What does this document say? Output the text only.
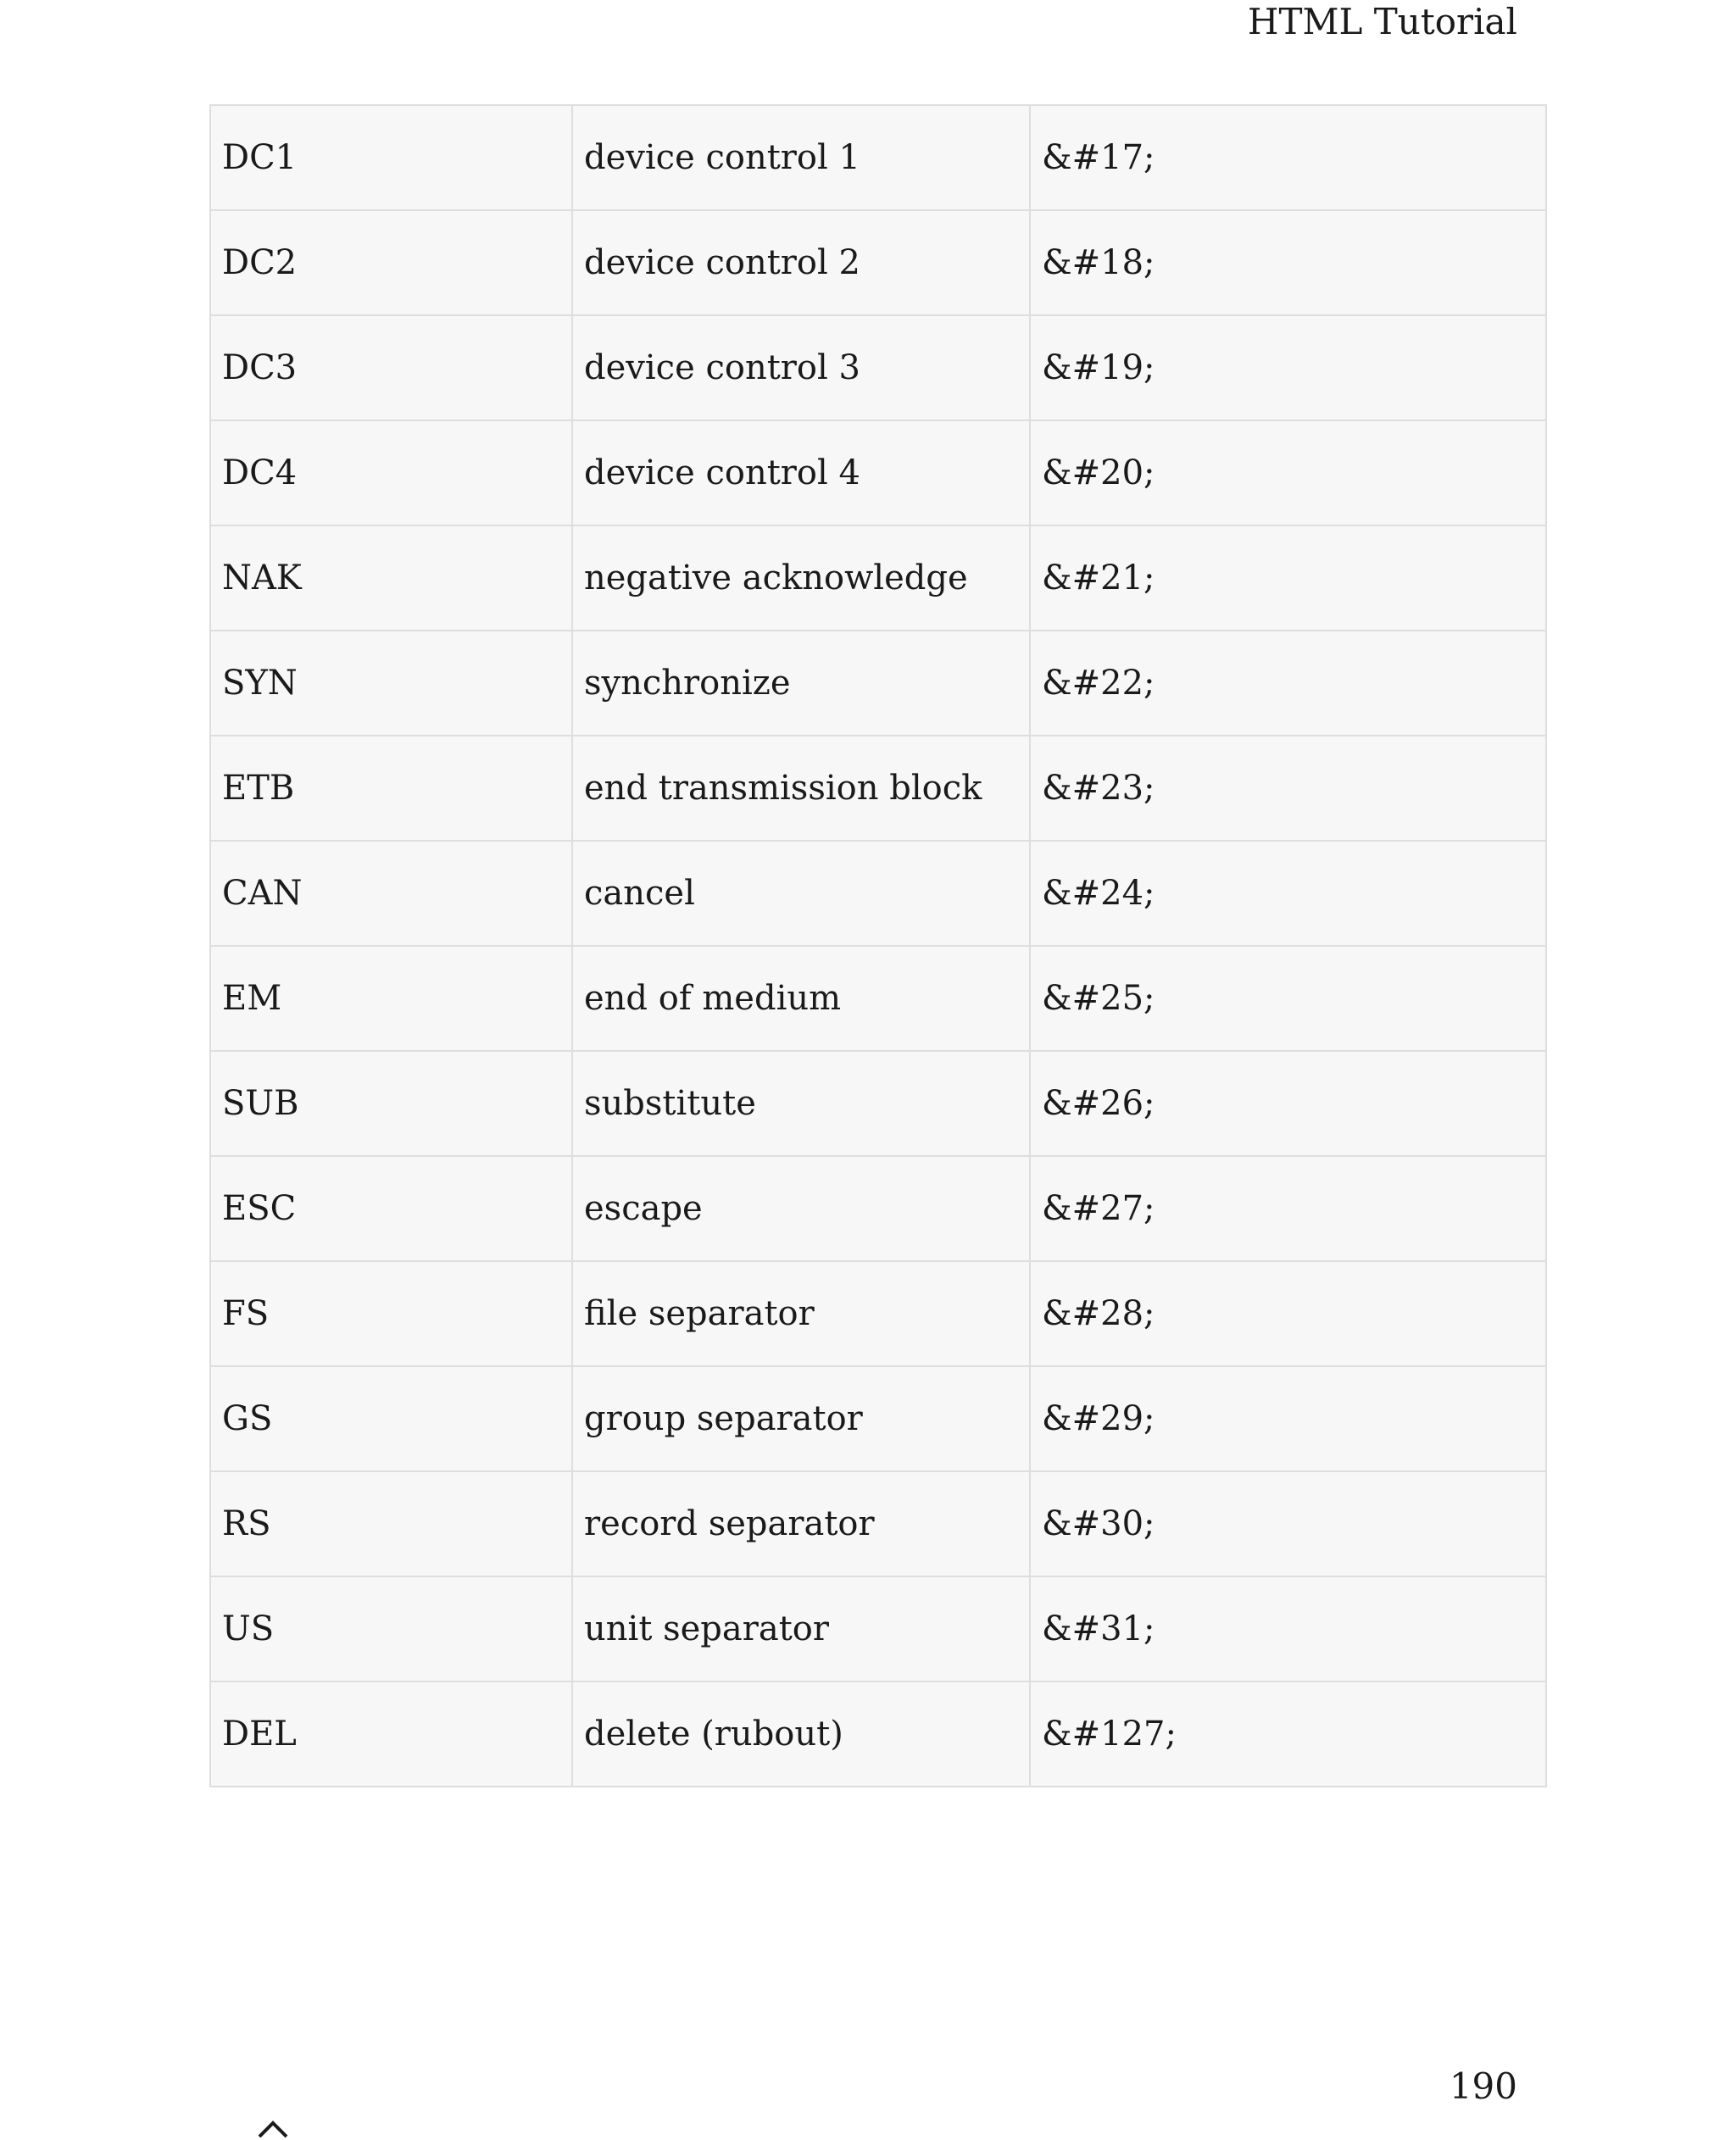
HTML Tutorial
DC1	device control 1	&#17;
DC2	device control 2	&#18;
DC3	device control 3	&#19;
DC4	device control 4	&#20;
NAK	negative acknowledge	&#21;
SYN	synchronize	&#22;
ETB	end transmission block	&#23;
CAN	cancel	&#24;
EM	end of medium	&#25;
SUB	substitute	&#26;
ESC	escape	&#27;
FS	file separator	&#28;
GS	group separator	&#29;
RS	record separator	&#30;
US	unit separator	&#31;
DEL	delete (rubout)	&#127;
190
